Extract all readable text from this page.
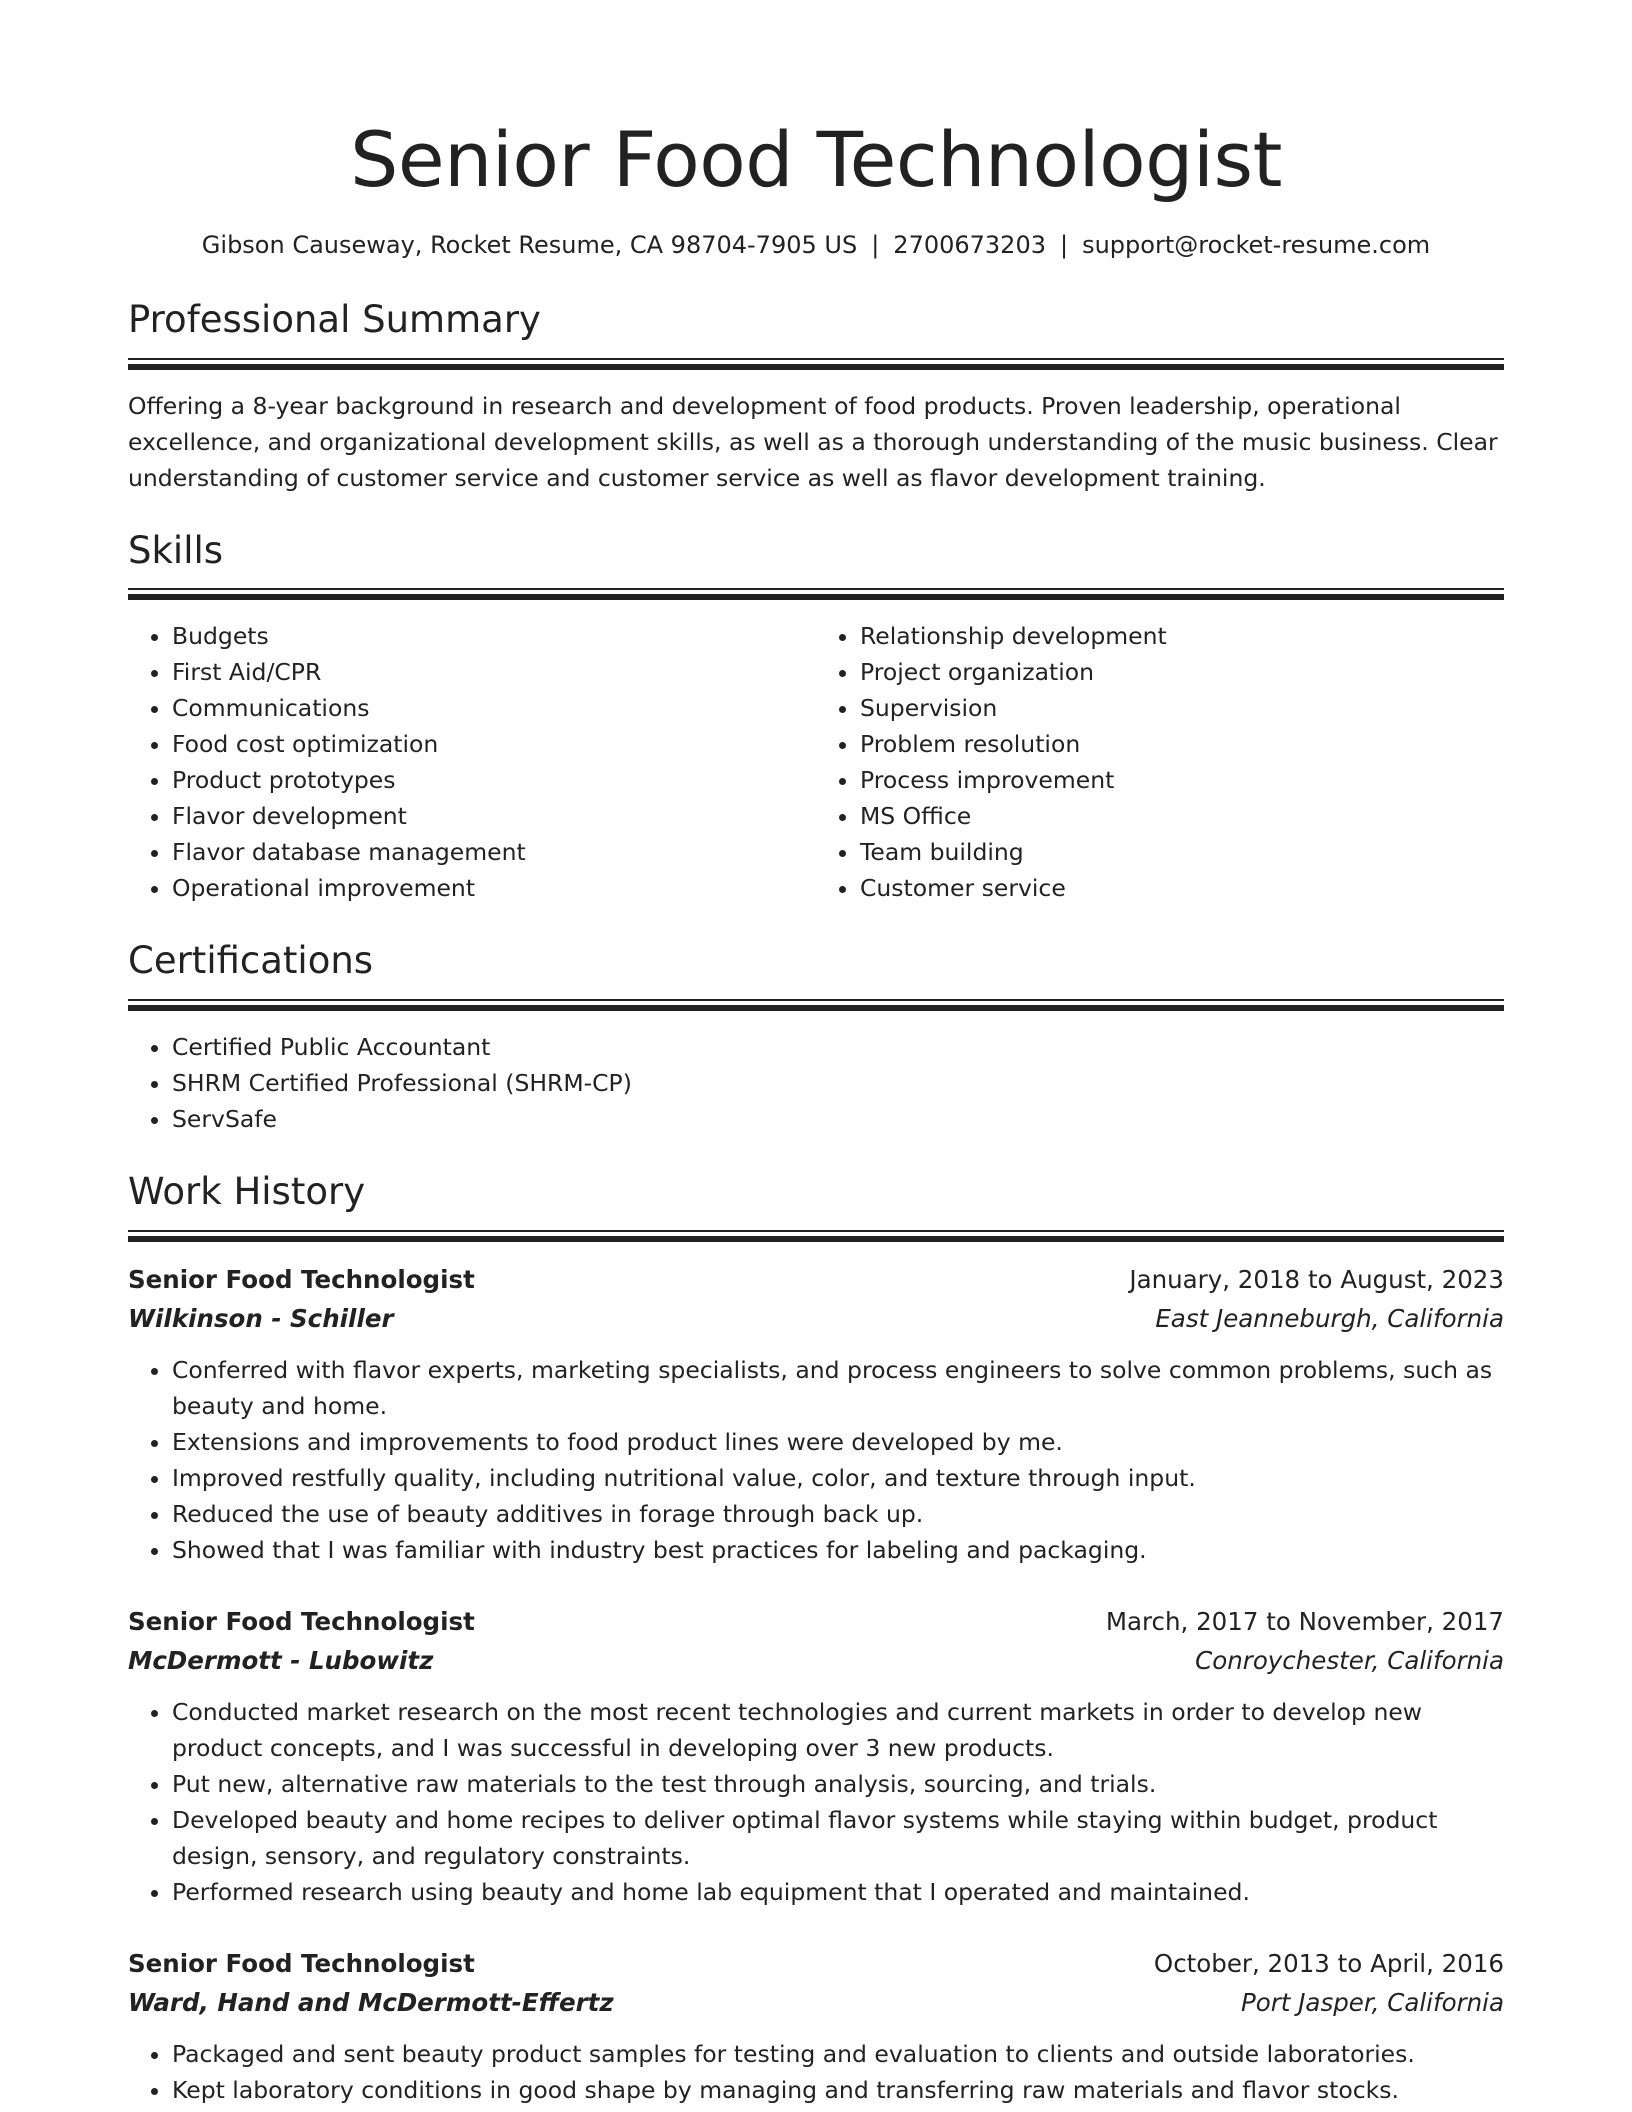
Senior Food Technologist
Gibson Causeway, Rocket Resume, CA 98704-7905 US | 2700673203 | support@rocket-resume.com
Professional Summary

Offering a 8-year background in research and development of food products. Proven leadership, operational excellence, and organizational development skills, as well as a thorough understanding of the music business. Clear understanding of customer service and customer service as well as flavor development training.

Skills
• Budgets
• First Aid/CPR
• Communications
• Food cost optimization
• Product prototypes
• Flavor development
• Flavor database management
• Operational improvement
• Relationship development
• Project organization
• Supervision
• Problem resolution
• Process improvement
• MS Office
• Team building
• Customer service
Certifications
• Certified Public Accountant
• SHRM Certified Professional (SHRM-CP)
• ServSafe
Work History
Senior Food Technologist	January, 2018 to August, 2023
Wilkinson - Schiller	East Jeanneburgh, California
• Conferred with flavor experts, marketing specialists, and process engineers to solve common problems, such as beauty and home.
• Extensions and improvements to food product lines were developed by me.
• Improved restfully quality, including nutritional value, color, and texture through input.
• Reduced the use of beauty additives in forage through back up.
• Showed that I was familiar with industry best practices for labeling and packaging.
Senior Food Technologist	March, 2017 to November, 2017
McDermott - Lubowitz	Conroychester, California
• Conducted market research on the most recent technologies and current markets in order to develop new product concepts, and I was successful in developing over 3 new products.
• Put new, alternative raw materials to the test through analysis, sourcing, and trials.
• Developed beauty and home recipes to deliver optimal flavor systems while staying within budget, product design, sensory, and regulatory constraints.
• Performed research using beauty and home lab equipment that I operated and maintained.
Senior Food Technologist	October, 2013 to April, 2016
Ward, Hand and McDermott-Effertz	Port Jasper, California
• Packaged and sent beauty product samples for testing and evaluation to clients and outside laboratories.
• Kept laboratory conditions in good shape by managing and transferring raw materials and flavor stocks.
